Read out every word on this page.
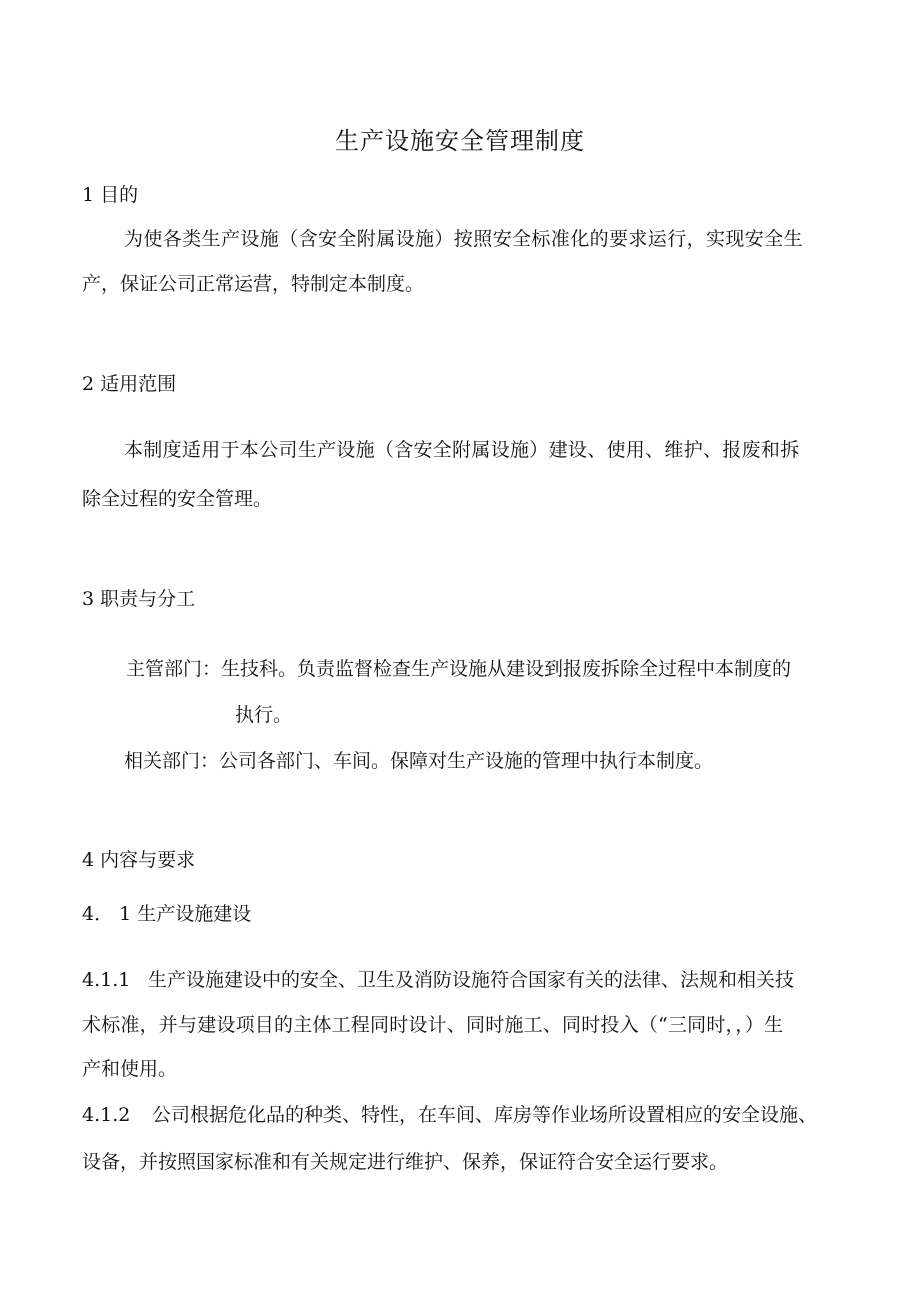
生产设施安全管理制度
1 目的
为使各类生产设施（含安全附属设施）按照安全标准化的要求运行，实现安全生
产，保证公司正常运营，特制定本制度。
2 适用范围
本制度适用于本公司生产设施（含安全附属设施）建设、使用、维护、报废和拆
除全过程的安全管理。
3 职责与分工
主管部门：生技科。负责监督检查生产设施从建设到报废拆除全过程中本制度的
执行。
相关部门：公司各部门、车间。保障对生产设施的管理中执行本制度。
4 内容与要求
4． 1 生产设施建设
4.1.1 生产设施建设中的安全、卫生及消防设施符合国家有关的法律、法规和相关技
术标准，并与建设项目的主体工程同时设计、同时施工、同时投入（“三同时，，）生
产和使用。
4.1.2 公司根据危化品的种类、特性，在车间、库房等作业场所设置相应的安全设施、
设备，并按照国家标准和有关规定进行维护、保养，保证符合安全运行要求。
